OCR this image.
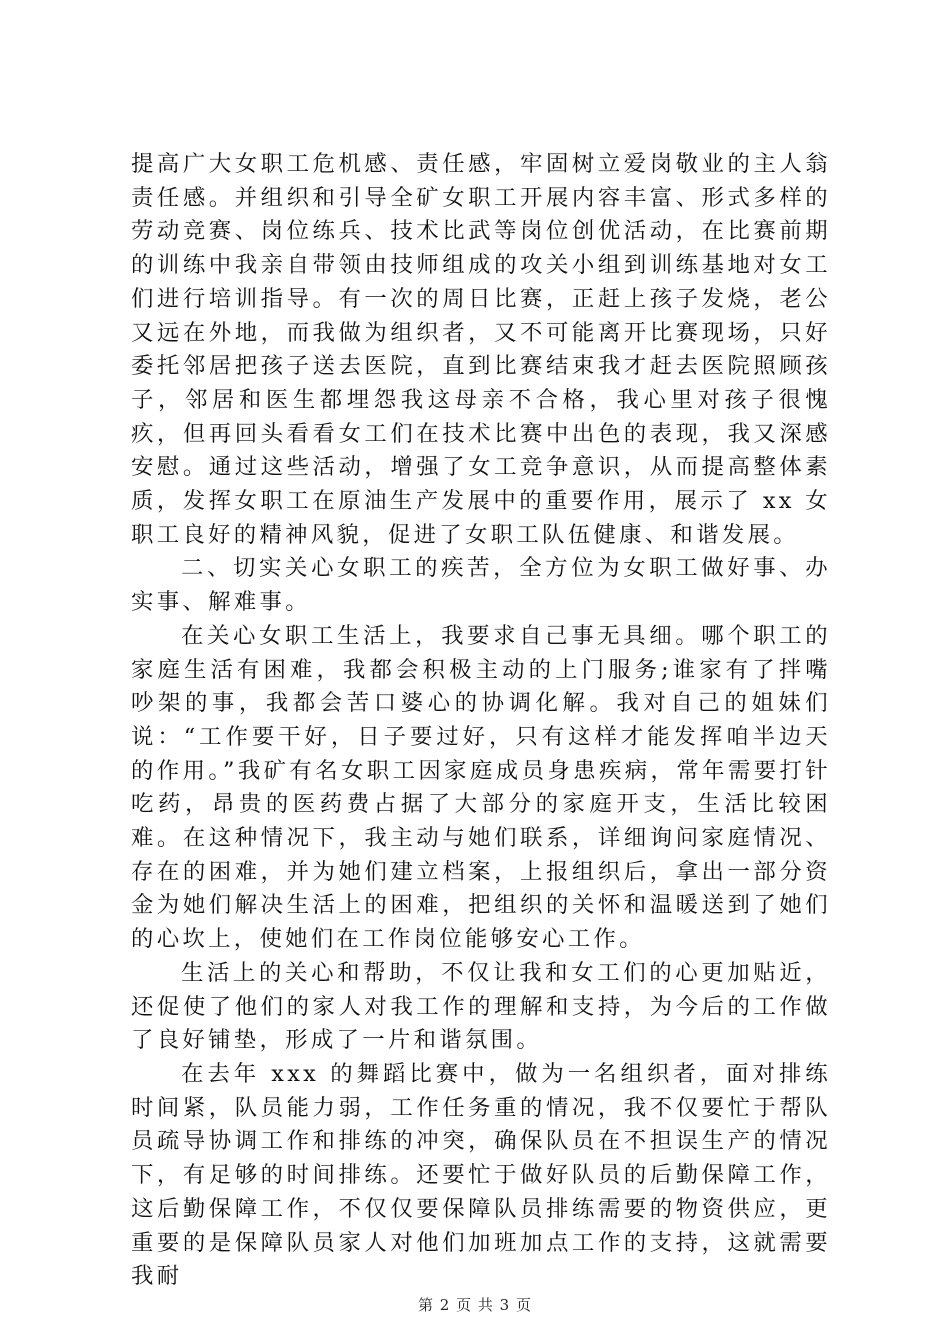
提高广大女职工危机感、责任感，牢固树立爱岗敬业的主人翁责任感。并组织和引导全矿女职工开展内容丰富、形式多样的劳动竞赛、岗位练兵、技术比武等岗位创优活动，在比赛前期的训练中我亲自带领由技师组成的攻关小组到训练基地对女工们进行培训指导。有一次的周日比赛，正赶上孩子发烧，老公又远在外地，而我做为组织者，又不可能离开比赛现场，只好委托邻居把孩子送去医院，直到比赛结束我才赶去医院照顾孩子，邻居和医生都埋怨我这母亲不合格，我心里对孩子很愧疚，但再回头看看女工们在技术比赛中出色的表现，我又深感安慰。通过这些活动，增强了女工竞争意识，从而提高整体素质，发挥女职工在原油生产发展中的重要作用，展示了 xx 女职工良好的精神风貌，促进了女职工队伍健康、和谐发展。

二、切实关心女职工的疾苦，全方位为女职工做好事、办实事、解难事。

在关心女职工生活上，我要求自己事无具细。哪个职工的家庭生活有困难，我都会积极主动的上门服务;谁家有了拌嘴吵架的事，我都会苦口婆心的协调化解。我对自己的姐妹们说：“工作要干好，日子要过好，只有这样才能发挥咱半边天的作用。”我矿有名女职工因家庭成员身患疾病，常年需要打针吃药，昂贵的医药费占据了大部分的家庭开支，生活比较困难。在这种情况下，我主动与她们联系，详细询问家庭情况、存在的困难，并为她们建立档案，上报组织后，拿出一部分资金为她们解决生活上的困难，把组织的关怀和温暖送到了她们的心坎上，使她们在工作岗位能够安心工作。

生活上的关心和帮助，不仅让我和女工们的心更加贴近，还促使了他们的家人对我工作的理解和支持，为今后的工作做了良好铺垫，形成了一片和谐氛围。

在去年 xxx 的舞蹈比赛中，做为一名组织者，面对排练时间紧，队员能力弱，工作任务重的情况，我不仅要忙于帮队员疏导协调工作和排练的冲突，确保队员在不担误生产的情况下，有足够的时间排练。还要忙于做好队员的后勤保障工作，这后勤保障工作，不仅仅要保障队员排练需要的物资供应，更重要的是保障队员家人对他们加班加点工作的支持，这就需要我耐

第 2 页 共 3 页
